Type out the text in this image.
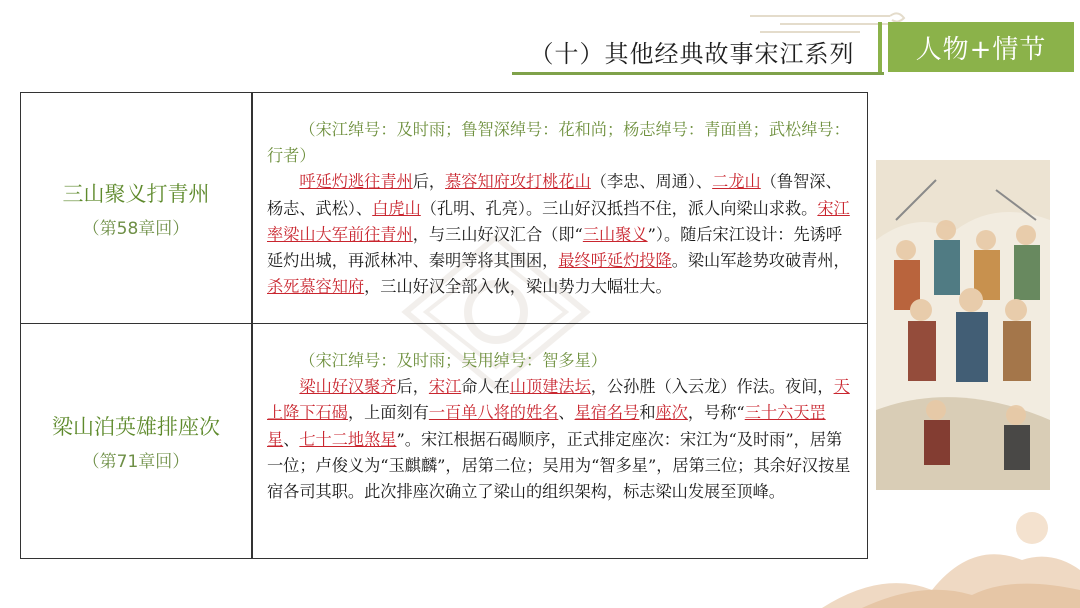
（十）其他经典故事宋江系列	人物+情节
三山聚义打青州
（第58章回）
（宋江绰号：及时雨；鲁智深绰号：花和尚；杨志绰号：青面兽；武松绰号：行者）
呼延灼逃往青州后，慕容知府攻打桃花山（李忠、周通）、二龙山（鲁智深、杨志、武松）、白虎山（孔明、孔亮）。三山好汉抵挡不住，派人向梁山求救。宋江率梁山大军前往青州，与三山好汉汇合（即“三山聚义”）。随后宋江设计：先诱呼延灼出城，再派林冲、秦明等将其围困，最终呼延灼投降。梁山军趁势攻破青州，杀死慕容知府，三山好汉全部入伙，梁山势力大幅壮大。
梁山泊英雄排座次
（第71章回）
（宋江绰号：及时雨；吴用绰号：智多星）
梁山好汉聚齐后，宋江命人在山顶建法坛，公孙胜（入云龙）作法。夜间，天上降下石碣，上面刻有一百单八将的姓名、星宿名号和座次，号称“三十六天罡星、七十二地煞星”。宋江根据石碣顺序，正式排定座次：宋江为“及时雨”，居第一位；卢俊义为“玉麒麟”，居第二位；吴用为“智多星”，居第三位；其余好汉按星宿各司其职。此次排座次确立了梁山的组织架构，标志梁山发展至顶峰。
